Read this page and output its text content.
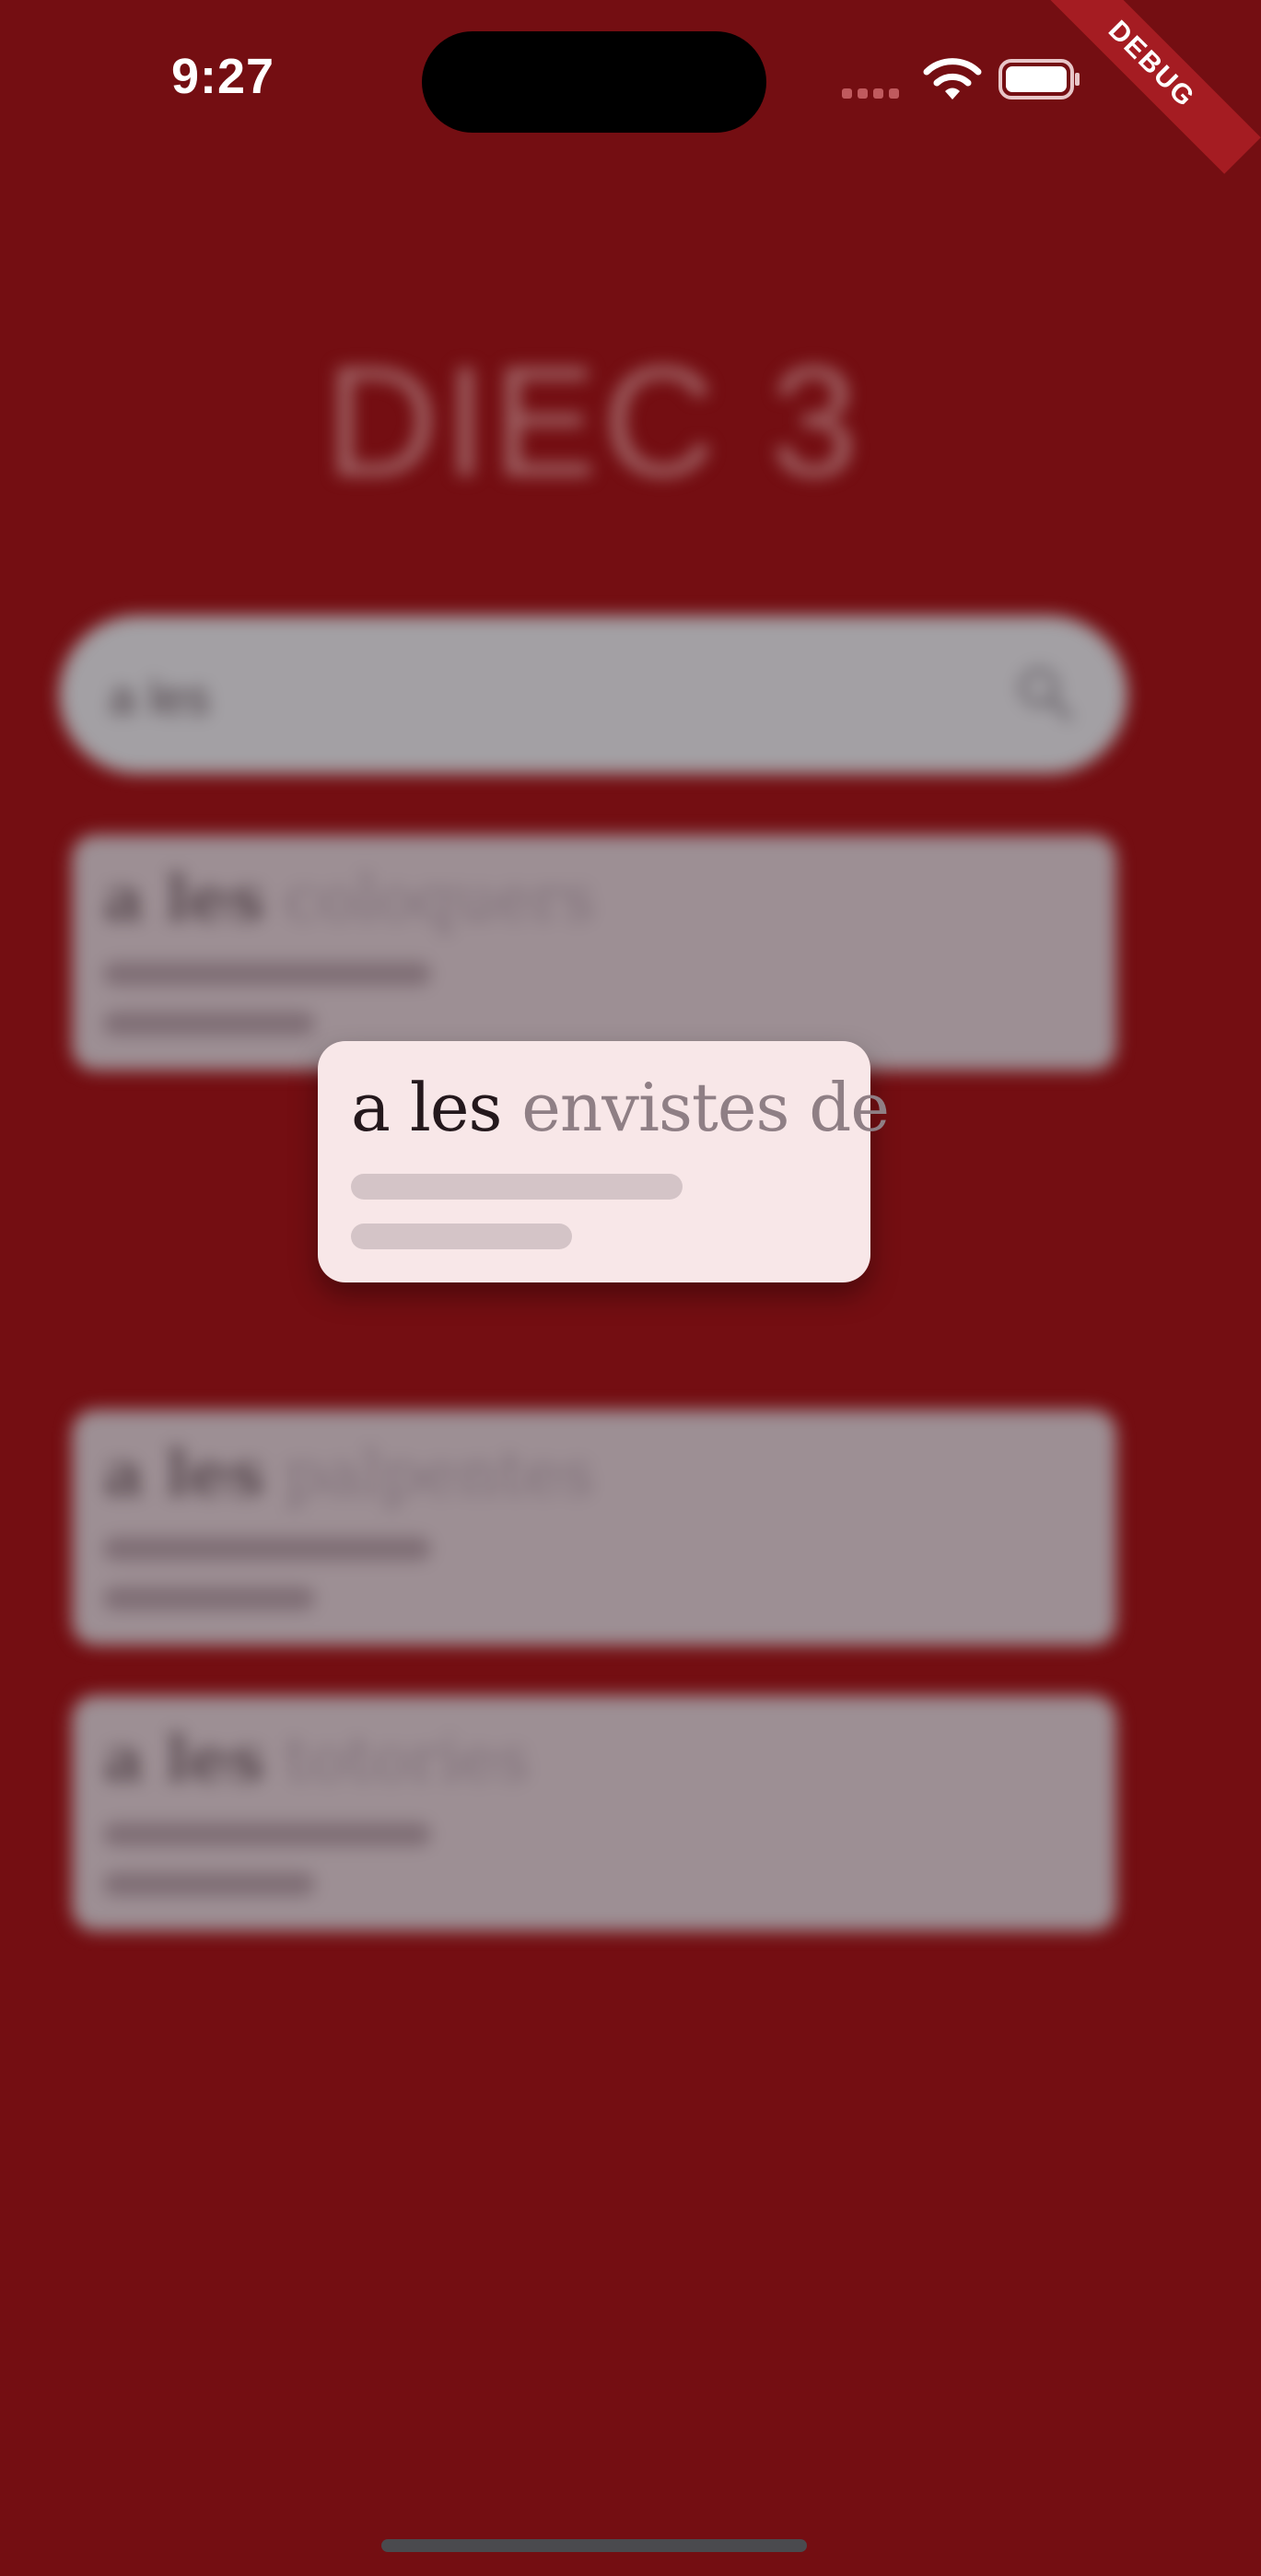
DIEC 3
a les
a les coloquers
a les palpentes
a les totories
9:27	DEBUG
a les envistes de
